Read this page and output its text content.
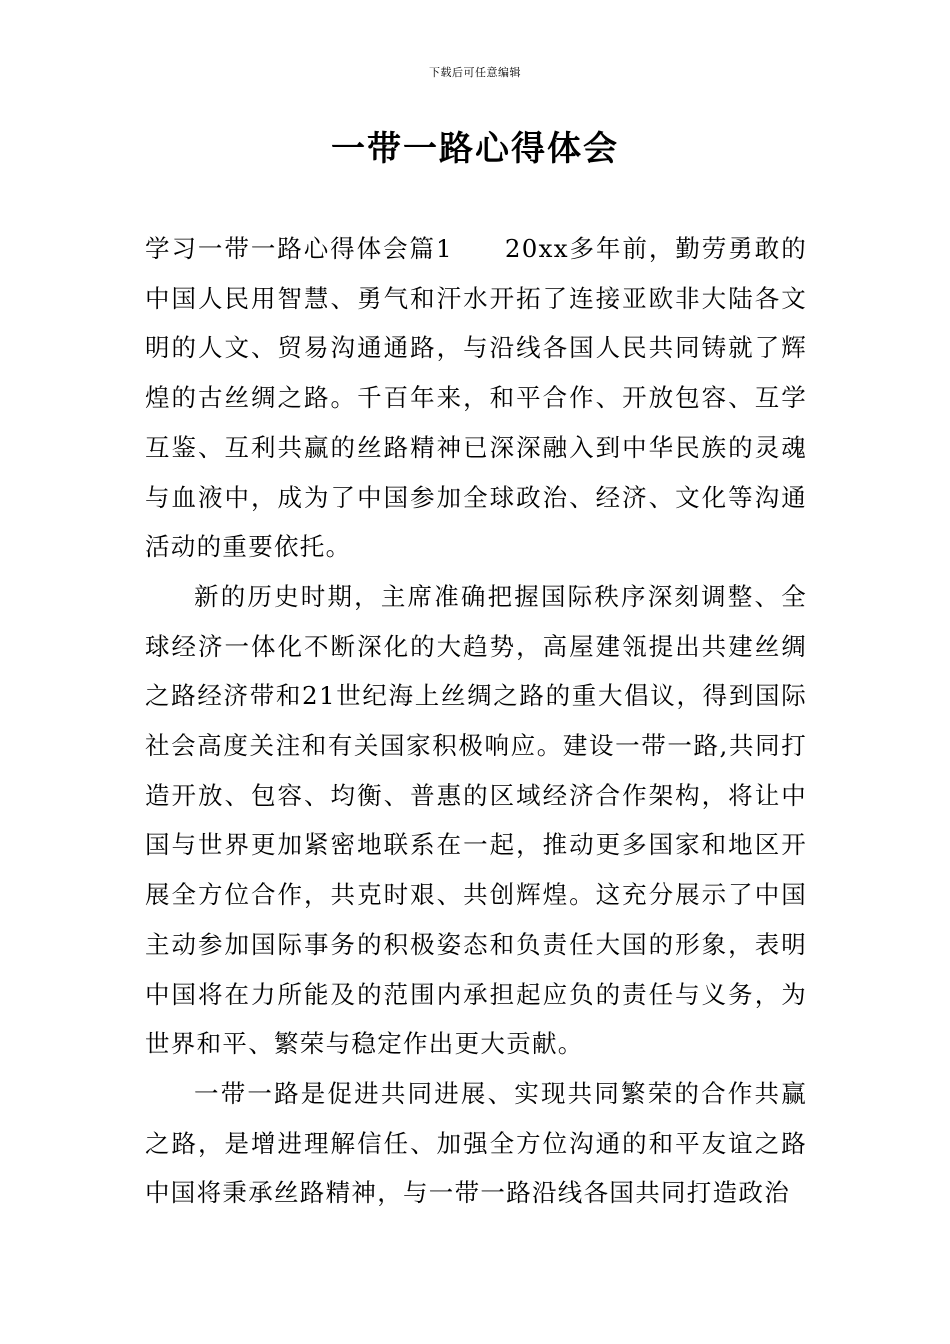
下载后可任意编辑
一带一路心得体会

学习一带一路心得体会篇1 20xx多年前，勤劳勇敢的中国人民用智慧、勇气和汗水开拓了连接亚欧非大陆各文明的人文、贸易沟通通路，与沿线各国人民共同铸就了辉煌的古丝绸之路。千百年来，和平合作、开放包容、互学互鉴、互利共赢的丝路精神已深深融入到中华民族的灵魂与血液中，成为了中国参加全球政治、经济、文化等沟通活动的重要依托。

新的历史时期，主席准确把握国际秩序深刻调整、全球经济一体化不断深化的大趋势，高屋建瓴提出共建丝绸之路经济带和21世纪海上丝绸之路的重大倡议，得到国际社会高度关注和有关国家积极响应。建设一带一路,共同打造开放、包容、均衡、普惠的区域经济合作架构，将让中国与世界更加紧密地联系在一起，推动更多国家和地区开展全方位合作，共克时艰、共创辉煌。这充分展示了中国主动参加国际事务的积极姿态和负责任大国的形象，表明中国将在力所能及的范围内承担起应负的责任与义务，为世界和平、繁荣与稳定作出更大贡献。

一带一路是促进共同进展、实现共同繁荣的合作共赢之路，是增进理解信任、加强全方位沟通的和平友谊之路中国将秉承丝路精神，与一带一路沿线各国共同打造政治
